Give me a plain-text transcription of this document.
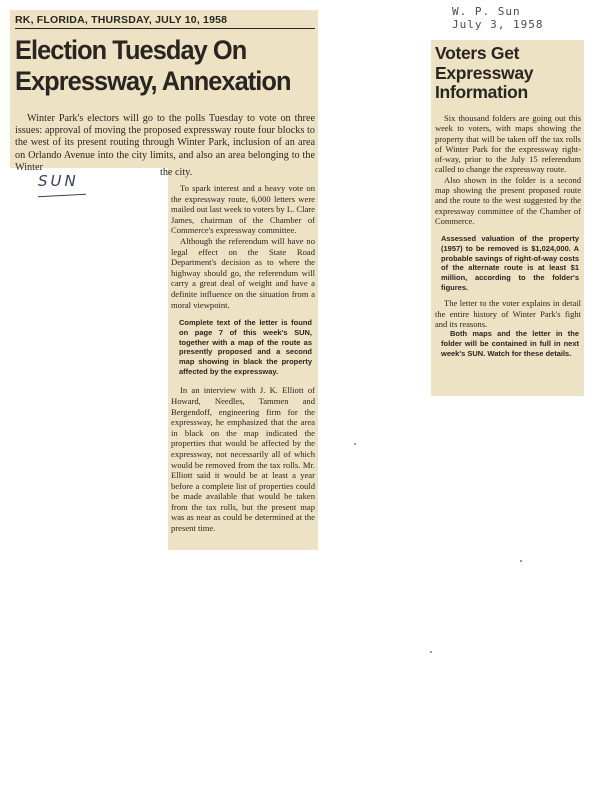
RK, FLORIDA, THURSDAY, JULY 10, 1958
Election Tuesday On
Expressway, Annexation
Winter Park's electors will go to the polls Tuesday to vote on three issues: approval of moving the proposed expressway route four blocks to the west of its present routing through Winter Park, inclusion of an area on Orlando Avenue into the city limits, and also an area belonging to the Winter	the city.

To spark interest and a heavy vote on the expressway route, 6,000 letters were mailed out last week to voters by L. Clare James, chairman of the Chamber of Commerce's expressway committee.

Although the referendum will have no legal effect on the State Road Department's decision as to where the highway should go, the referendum will carry a great deal of weight and have a definite influence on the situation from a moral viewpoint.

Complete text of the letter is found on page 7 of this week's SUN, together with a map of the route as presently proposed and a second map showing in black the property affected by the expressway.

In an interview with J. K. Elliott of Howard, Needles, Tammen and Bergendoff, engineering firm for the expressway, he emphasized that the area in black on the map indicated the properties that would be affected by the expressway, not necessarily all of which would be removed from the tax rolls. Mr. Elliott said it would be at least a year before a complete list of properties could be made available that would be taken from the tax rolls, but the present map was as near as could be determined at the present time.

SUN
W. P. Sun
July 3, 1958
Voters Get Expressway Information

Six thousand folders are going out this week to voters, with maps showing the property that will be taken off the tax rolls of Winter Park for the expressway right-of-way, prior to the July 15 referendum called to change the expressway route.

Also shown in the folder is a second map showing the present proposed route and the route to the west suggested by the expressway committee of the Chamber of Commerce.

Assessed valuation of the property (1957) to be removed is $1,024,000. A probable savings of right-of-way costs of the alternate route is at least $1 million, according to the folder's figures.

The letter to the voter explains in detail the entire history of Winter Park's fight and its reasons.

Both maps and the letter in the folder will be contained in full in next week's SUN. Watch for these details.
